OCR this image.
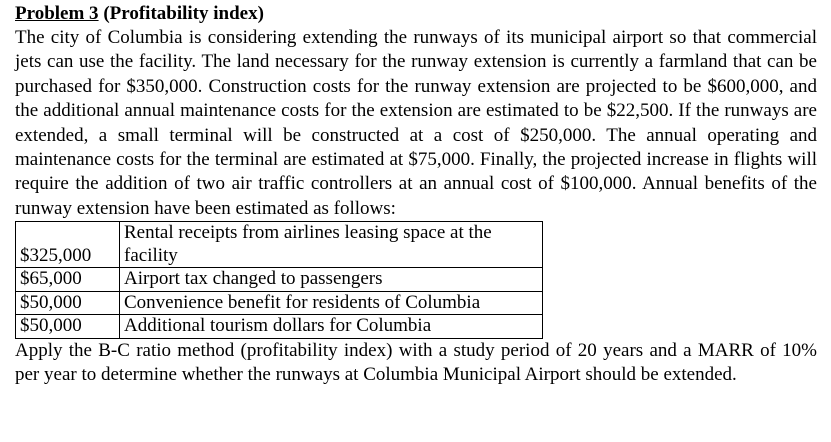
Problem 3 (Profitability index)

The city of Columbia is considering extending the runways of its municipal airport so that commercial jets can use the facility. The land necessary for the runway extension is currently a farmland that can be purchased for $350,000. Construction costs for the runway extension are projected to be $600,000, and the additional annual maintenance costs for the extension are estimated to be $22,500. If the runways are extended, a small terminal will be constructed at a cost of $250,000. The annual operating and maintenance costs for the terminal are estimated at $75,000. Finally, the projected increase in flights will require the addition of two air traffic controllers at an annual cost of $100,000. Annual benefits of the runway extension have been estimated as follows:

$325,000	Rental receipts from airlines leasing space at the facility
$65,000	Airport tax changed to passengers
$50,000	Convenience benefit for residents of Columbia
$50,000	Additional tourism dollars for Columbia

Apply the B-C ratio method (profitability index) with a study period of 20 years and a MARR of 10% per year to determine whether the runways at Columbia Municipal Airport should be extended.
